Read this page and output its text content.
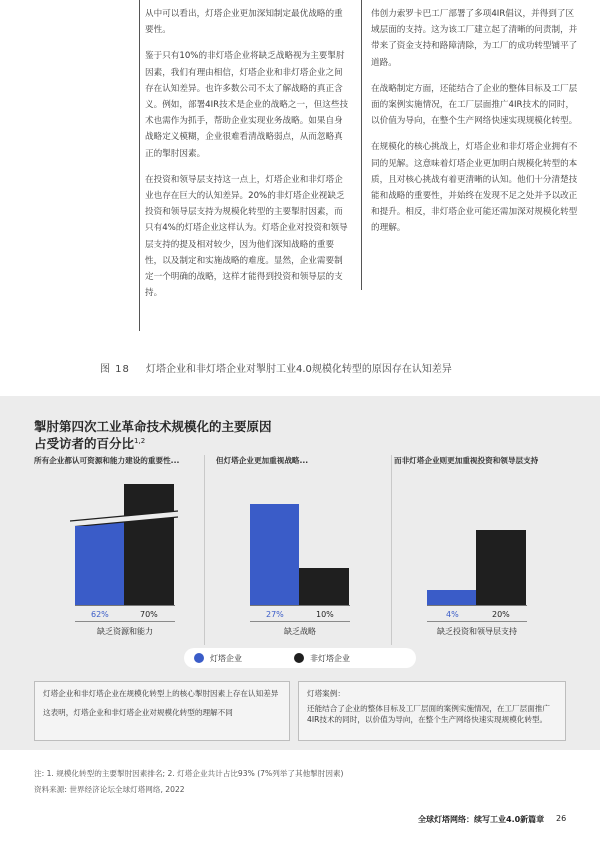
从中可以看出，灯塔企业更加深知制定最优战略的重要性。

鉴于只有10%的非灯塔企业将缺乏战略视为主要掣肘因素，我们有理由相信，灯塔企业和非灯塔企业之间存在认知差异。也许多数公司不太了解战略的真正含义。例如，部署4IR技术是企业的战略之一，但这些技术也需作为抓手，帮助企业实现业务战略。如果自身战略定义模糊，企业很难看清战略弱点，从而忽略真正的掣肘因素。

在投资和领导层支持这一点上，灯塔企业和非灯塔企业也存在巨大的认知差异。20%的非灯塔企业视缺乏投资和领导层支持为规模化转型的主要掣肘因素，而只有4%的灯塔企业这样认为。灯塔企业对投资和领导层支持的提及相对较少，因为他们深知战略的重要性，以及制定和实施战略的难度。显然，企业需要制定一个明确的战略，这样才能得到投资和领导层的支持。

伟创力索罗卡巴工厂部署了多项4IR倡议，并得到了区域层面的支持。这为该工厂建立起了清晰的问责制，并带来了资金支持和路障清除，为工厂的成功转型铺平了道路。

在战略制定方面，还能结合了企业的整体目标及工厂层面的案例实施情况，在工厂层面推广4IR技术的同时，以价值为导向，在整个生产网络快速实现规模化转型。

在规模化的核心挑战上，灯塔企业和非灯塔企业拥有不同的见解。这意味着灯塔企业更加明白规模化转型的本质，且对核心挑战有着更清晰的认知。他们十分清楚技能和战略的重要性，并始终在发现不足之处并予以改正和提升。相反，非灯塔企业可能还需加深对规模化转型的理解。

图 18 灯塔企业和非灯塔企业对掣肘工业4.0规模化转型的原因存在认知差异
掣肘第四次工业革命技术规模化的主要原因
占受访者的百分比$^{1,2}$
所有企业都认可资源和能力建设的重要性...	但灯塔企业更加重视战略...	而非灯塔企业则更加重视投资和领导层支持
62%	70%	27%	10%	4%	20%
缺乏资源和能力	缺乏战略	缺乏投资和领导层支持
灯塔企业	非灯塔企业
灯塔企业和非灯塔企业在规模化转型上的核心掣肘因素上存在认知差异
这表明，灯塔企业和非灯塔企业对规模化转型的理解不同
灯塔案例：
还能结合了企业的整体目标及工厂层面的案例实施情况，在工厂层面推广4IR技术的同时，以价值为导向，在整个生产网络快速实现规模化转型。
注: 1. 规模化转型的主要掣肘因素排名; 2. 灯塔企业共计占比93% (7%列举了其他掣肘因素)
资料来源: 世界经济论坛全球灯塔网络, 2022
全球灯塔网络：续写工业4.0新篇章 26
